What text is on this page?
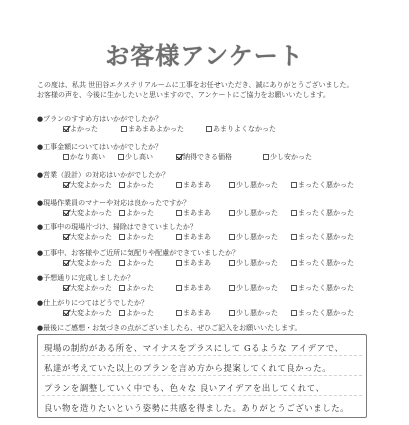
お客様アンケート
この度は、私共 世田谷エクステリアルームに工事をお任せいただき、誠にありがとうございました。
お客様の声を、今後に生かしたいと思いますので、アンケートにご協力をお願いいたします。
●プランのすすめ方はいかがでしたか？
よかった	まあまあよかった	あまりよくなかった
●工事金額についてはいかがでしたか？
かなり高い	少し高い	納得できる価格	少し安かった
●営業（設計）の対応はいかがでしたか？
大変よかった	よかった	まあまあ	少し悪かった	まったく悪かった
●現場作業員のマナーや対応は良かったですか？
大変よかった	よかった	まあまあ	少し悪かった	まったく悪かった
●工事中の現場片づけ、掃除はできていましたか？
大変よかった	よかった	まあまあ	少し悪かった	まったく悪かった
●工事中、お客様やご近所に気配りや配慮ができていましたか？
大変よかった	よかった	まあまあ	少し悪かった	まったく悪かった
●予想通りに完成しましたか？
大変よかった	よかった	まあまあ	少し悪かった	まったく悪かった
●仕上がりにつてはどうでしたか？
大変よかった	よかった	まあまあ	少し悪かった	まったく悪かった
●最後にご感想・お気づきの点がございましたら、ぜひご記入をお願いいたします。
現場の制約がある所を、マイナスをプラスにして Gるような アイデアで、
私達が考えていた以上のプランを言め方から提案してくれて良かった。
プランを調整していく中でも、色々な 良いアイデアを出してくれて、
良い物を造りたいという姿勢に共感を得ました。ありがとうございました。
